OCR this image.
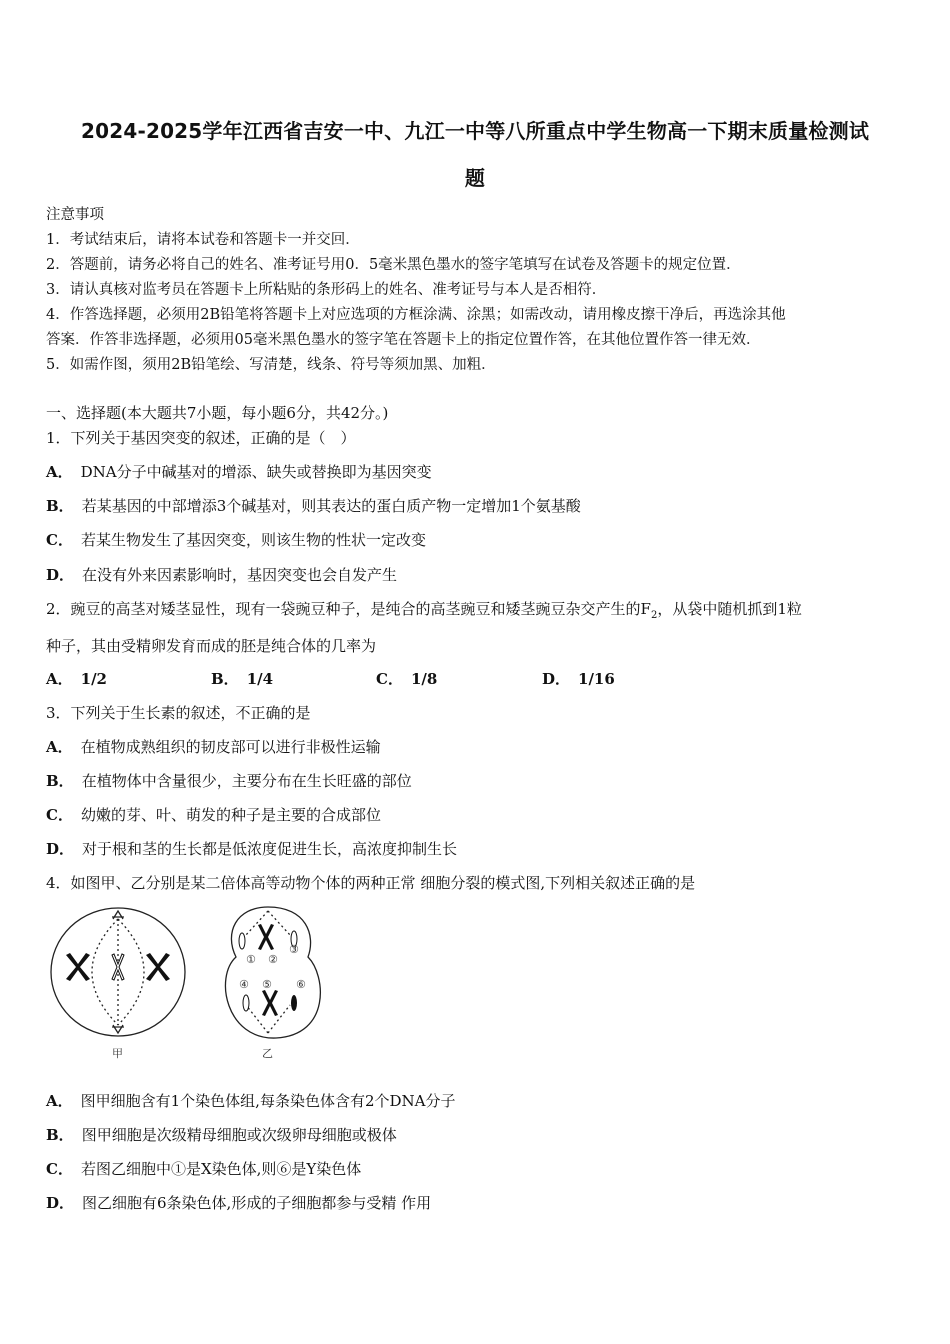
2024-2025学年江西省吉安一中、九江一中等八所重点中学生物高一下期末质量检测试
题
注意事项
1．考试结束后，请将本试卷和答题卡一并交回．
2．答题前，请务必将自己的姓名、准考证号用0．5毫米黑色墨水的签字笔填写在试卷及答题卡的规定位置．
3．请认真核对监考员在答题卡上所粘贴的条形码上的姓名、准考证号与本人是否相符．
4．作答选择题，必须用2B铅笔将答题卡上对应选项的方框涂满、涂黑；如需改动，请用橡皮擦干净后，再选涂其他
答案．作答非选择题，必须用05毫米黑色墨水的签字笔在答题卡上的指定位置作答，在其他位置作答一律无效．
5．如需作图，须用2B铅笔绘、写清楚，线条、符号等须加黑、加粗．
一、选择题(本大题共7小题，每小题6分，共42分。)
1．下列关于基因突变的叙述，正确的是（　）
A． DNA分子中碱基对的增添、缺失或替换即为基因突变
B． 若某基因的中部增添3个碱基对，则其表达的蛋白质产物一定增加1个氨基酸
C． 若某生物发生了基因突变，则该生物的性状一定改变
D． 在没有外来因素影响时，基因突变也会自发产生
2．豌豆的高茎对矮茎显性，现有一袋豌豆种子，是纯合的高茎豌豆和矮茎豌豆杂交产生的$F_2$，从袋中随机抓到1粒
种子，其由受精卵发育而成的胚是纯合体的几率为
A． 1/2	B． 1/4	C． 1/8	D． 1/16
3．下列关于生长素的叙述，不正确的是
A． 在植物成熟组织的韧皮部可以进行非极性运输
B． 在植物体中含量很少，主要分布在生长旺盛的部位
C． 幼嫩的芽、叶、萌发的种子是主要的合成部位
D． 对于根和茎的生长都是低浓度促进生长，高浓度抑制生长
4．如图甲、乙分别是某二倍体高等动物个体的两种正常 细胞分裂的模式图,下列相关叙述正确的是
① ②
③
④ ⑤ ⑥
甲	乙
A． 图甲细胞含有1个染色体组,每条染色体含有2个DNA分子
B． 图甲细胞是次级精母细胞或次级卵母细胞或极体
C． 若图乙细胞中①是X染色体,则⑥是Y染色体
D． 图乙细胞有6条染色体,形成的子细胞都参与受精 作用
